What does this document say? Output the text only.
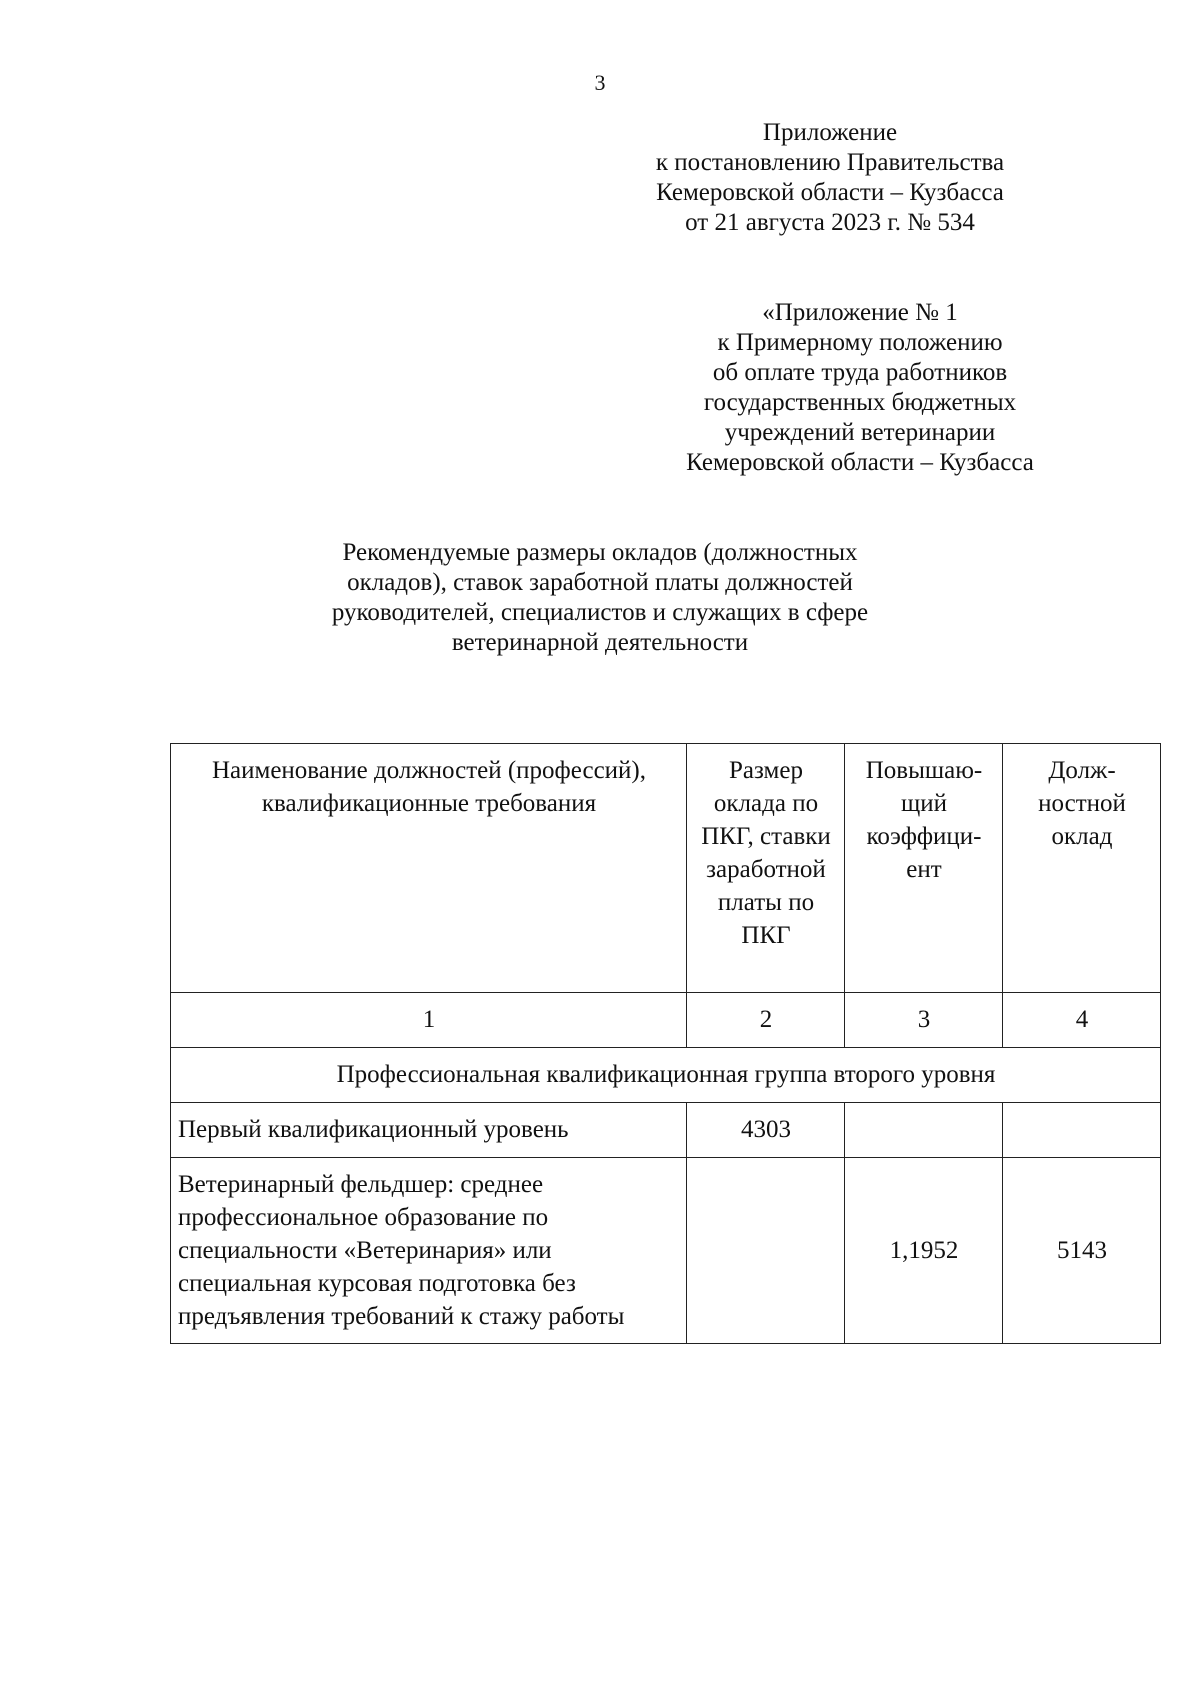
3
Приложение
к постановлению Правительства
Кемеровской области – Кузбасса
от 21 августа 2023 г. № 534
«Приложение № 1
к Примерному положению
об оплате труда работников
государственных бюджетных
учреждений ветеринарии
Кемеровской области – Кузбасса
Рекомендуемые размеры окладов (должностных
окладов), ставок заработной платы должностей
руководителей, специалистов и служащих в сфере
ветеринарной деятельности
Наименование должностей (профессий), квалификационные требования	Размер оклада по ПКГ, ставки заработной платы по ПКГ	Повышаю-щий коэффици-ент	Долж-ностной оклад
1	2	3	4
Профессиональная квалификационная группа второго уровня			
Первый квалификационный уровень	4303		
Ветеринарный фельдшер: среднее профессиональное образование по специальности «Ветеринария» или специальная курсовая подготовка без предъявления требований к стажу работы		1,1952	5143
